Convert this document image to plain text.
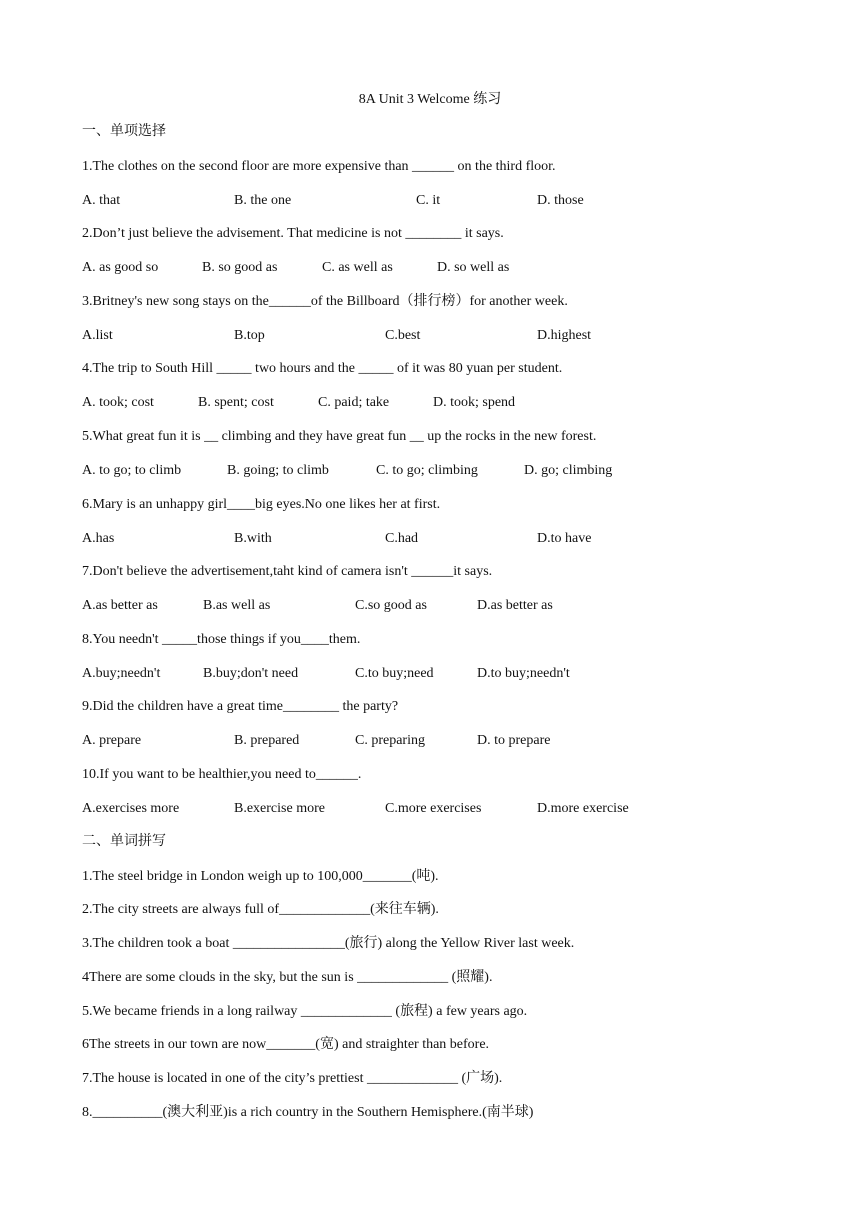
8A Unit 3 Welcome 练习
一、单项选择
1.The clothes on the second floor are more expensive than ______ on the third floor.
A. that	B. the one	C. it	D. those
2.Don’t just believe the advisement. That medicine is not ________ it says.
A. as good so	B. so good as	C. as well as	D. so well as
3.Britney's new song stays on the______of the Billboard（排行榜）for another week.
A.list	B.top	C.best	D.highest
4.The trip to South Hill _____ two hours and the _____ of it was 80 yuan per student.
A. took; cost	B. spent; cost	C. paid; take	D. took; spend
5.What great fun it is __ climbing and they have great fun __ up the rocks in the new forest.
A. to go; to climb	B. going; to climb	C. to go; climbing	D. go; climbing
6.Mary is an unhappy girl____big eyes.No one likes her at first.
A.has	B.with	C.had	D.to have
7.Don't believe the advertisement,taht kind of camera isn't ______it says.
A.as better as	B.as well as	C.so good as	D.as better as
8.You needn't _____those things if you____them.
A.buy;needn't	B.buy;don't need	C.to buy;need	D.to buy;needn't
9.Did the children have a great time________ the party?
A. prepare	B. prepared	C. preparing	D. to prepare
10.If you want to be healthier,you need to______.
A.exercises more	B.exercise more	C.more exercises	D.more exercise
二、单词拼写
1.The steel bridge in London weigh up to 100,000_______(吨).
2.The city streets are always full of_____________(来往车辆).
3.The children took a boat ________________(旅行) along the Yellow River last week.
4There are some clouds in the sky, but the sun is _____________ (照耀).
5.We became friends in a long railway _____________ (旅程) a few years ago.
6The streets in our town are now_______(宽) and straighter than before.
7.The house is located in one of the city’s prettiest _____________ (广场).
8.__________(澳大利亚)is a rich country in the Southern Hemisphere.(南半球)
